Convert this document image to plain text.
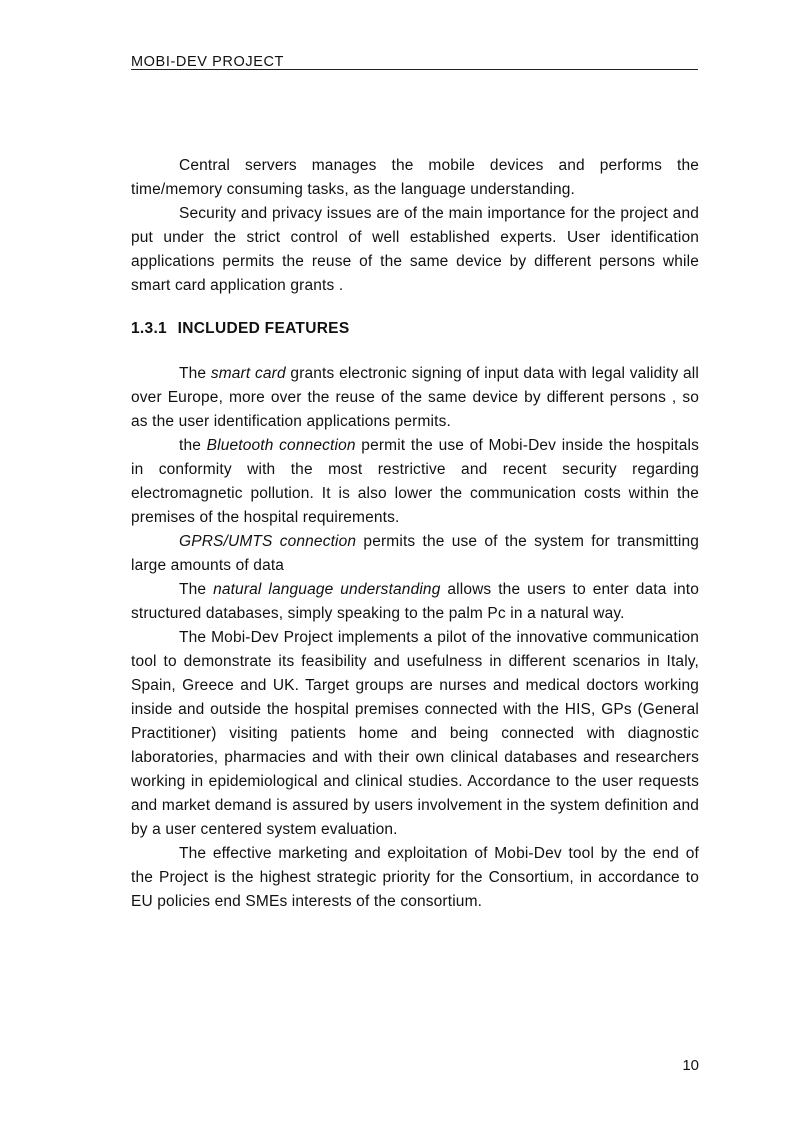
MOBI-DEV PROJECT

Central servers manages the mobile devices and performs the time/memory consuming tasks, as the language understanding.

Security and privacy issues are of the main importance for the project and put under the strict control of well established experts. User identification applications permits the reuse of the same device by different persons while smart card application grants .

1.3.1 INCLUDED FEATURES

The smart card grants electronic signing of input data with legal validity all over Europe, more over the reuse of the same device by different persons , so as the user identification applications permits.

the Bluetooth connection permit the use of Mobi-Dev inside the hospitals in conformity with the most restrictive and recent security regarding electromagnetic pollution. It is also lower the communication costs within the premises of the hospital requirements.

GPRS/UMTS connection permits the use of the system for transmitting large amounts of data

The natural language understanding allows the users to enter data into structured databases, simply speaking to the palm Pc in a natural way.

The Mobi-Dev Project implements a pilot of the innovative communication tool to demonstrate its feasibility and usefulness in different scenarios in Italy, Spain, Greece and UK. Target groups are nurses and medical doctors working inside and outside the hospital premises connected with the HIS, GPs (General Practitioner) visiting patients home and being connected with diagnostic laboratories, pharmacies and with their own clinical databases and researchers working in epidemiological and clinical studies. Accordance to the user requests and market demand is assured by users involvement in the system definition and by a user centered system evaluation.

The effective marketing and exploitation of Mobi-Dev tool by the end of the Project is the highest strategic priority for the Consortium, in accordance to EU policies end SMEs interests of the consortium.

10
